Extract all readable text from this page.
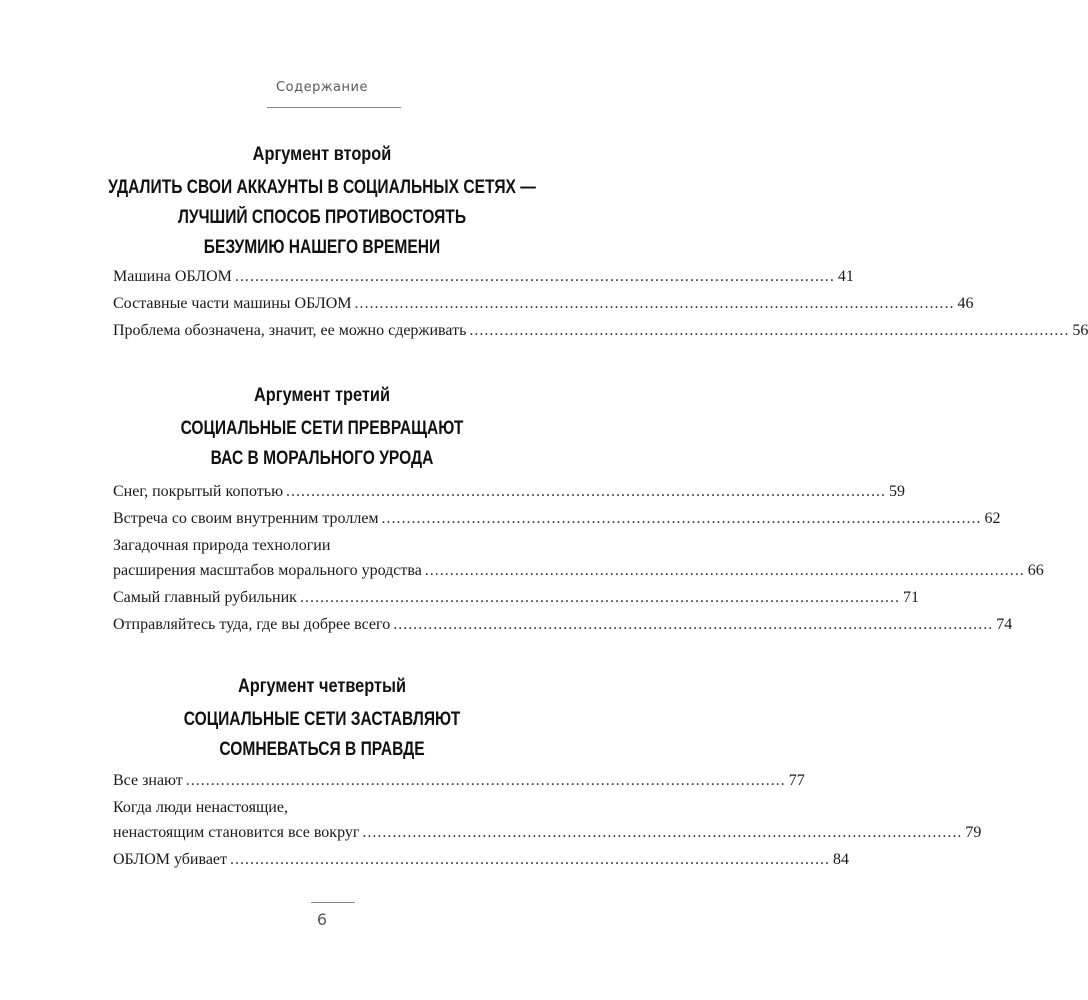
Содержание
Аргумент второй
УДАЛИТЬ СВОИ АККАУНТЫ В СОЦИАЛЬНЫХ СЕТЯХ —
ЛУЧШИЙ СПОСОБ ПРОТИВОСТОЯТЬ
БЕЗУМИЮ НАШЕГО ВРЕМЕНИ
Машина ОБЛОМ ........................................................................................................................ 41
Составные части машины ОБЛОМ ........................................................................................................................ 46
Проблема обозначена, значит, ее можно сдерживать ........................................................................................................................ 56
Аргумент третий
СОЦИАЛЬНЫЕ СЕТИ ПРЕВРАЩАЮТ
ВАС В МОРАЛЬНОГО УРОДА
Снег, покрытый копотью ........................................................................................................................ 59
Встреча со своим внутренним троллем ........................................................................................................................ 62
Загадочная природа технологии
расширения масштабов морального уродства ........................................................................................................................ 66
Самый главный рубильник ........................................................................................................................ 71
Отправляйтесь туда, где вы добрее всего ........................................................................................................................ 74
Аргумент четвертый
СОЦИАЛЬНЫЕ СЕТИ ЗАСТАВЛЯЮТ
СОМНЕВАТЬСЯ В ПРАВДЕ
Все знают ........................................................................................................................ 77
Когда люди ненастоящие,
ненастоящим становится все вокруг ........................................................................................................................ 79
ОБЛОМ убивает ........................................................................................................................ 84
6
